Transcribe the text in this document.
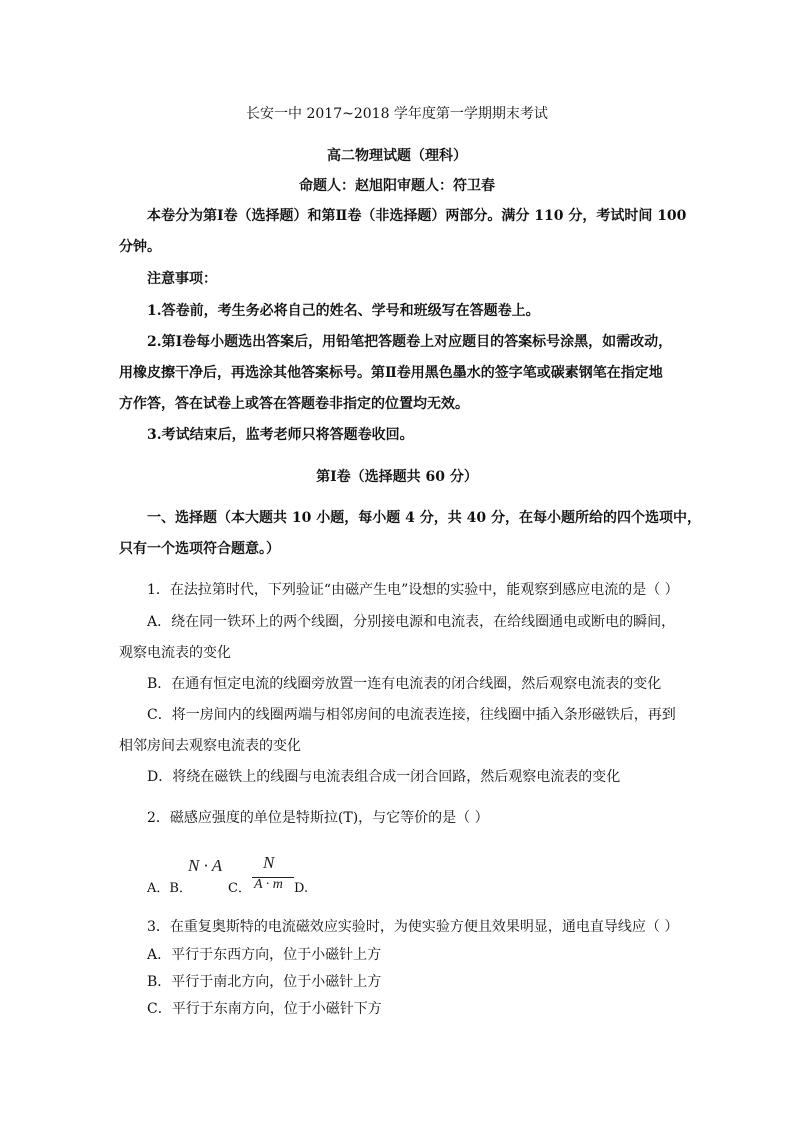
长安一中 2017~2018 学年度第一学期期末考试
高二物理试题（理科）
命题人：赵旭阳审题人：符卫春
本卷分为第Ⅰ卷（选择题）和第Ⅱ卷（非选择题）两部分。满分 110 分，考试时间 100
分钟。
注意事项：
1.答卷前，考生务必将自己的姓名、学号和班级写在答题卷上。
2.第Ⅰ卷每小题选出答案后，用铅笔把答题卷上对应题目的答案标号涂黑，如需改动，
用橡皮擦干净后，再选涂其他答案标号。第Ⅱ卷用黑色墨水的签字笔或碳素钢笔在指定地
方作答，答在试卷上或答在答题卷非指定的位置均无效。
3.考试结束后，监考老师只将答题卷收回。
第Ⅰ卷（选择题共 60 分）
一、选择题（本大题共 10 小题，每小题 4 分，共 40 分，在每小题所给的四个选项中，
只有一个选项符合题意。）
1．在法拉第时代，下列验证“由磁产生电”设想的实验中，能观察到感应电流的是（ ）
A．绕在同一铁环上的两个线圈，分别接电源和电流表，在给线圈通电或断电的瞬间，
观察电流表的变化
B．在通有恒定电流的线圈旁放置一连有电流表的闭合线圈，然后观察电流表的变化
C．将一房间内的线圈两端与相邻房间的电流表连接，往线圈中插入条形磁铁后，再到
相邻房间去观察电流表的变化
D．将绕在磁铁上的线圈与电流表组合成一闭合回路，然后观察电流表的变化
2．磁感应强度的单位是特斯拉(T)，与它等价的是（ ）
N · A N
A · m
A．B．	C．	D.
3．在重复奥斯特的电流磁效应实验时，为使实验方便且效果明显，通电直导线应（ ）
A．平行于东西方向，位于小磁针上方
B．平行于南北方向，位于小磁针上方
C．平行于东南方向，位于小磁针下方
